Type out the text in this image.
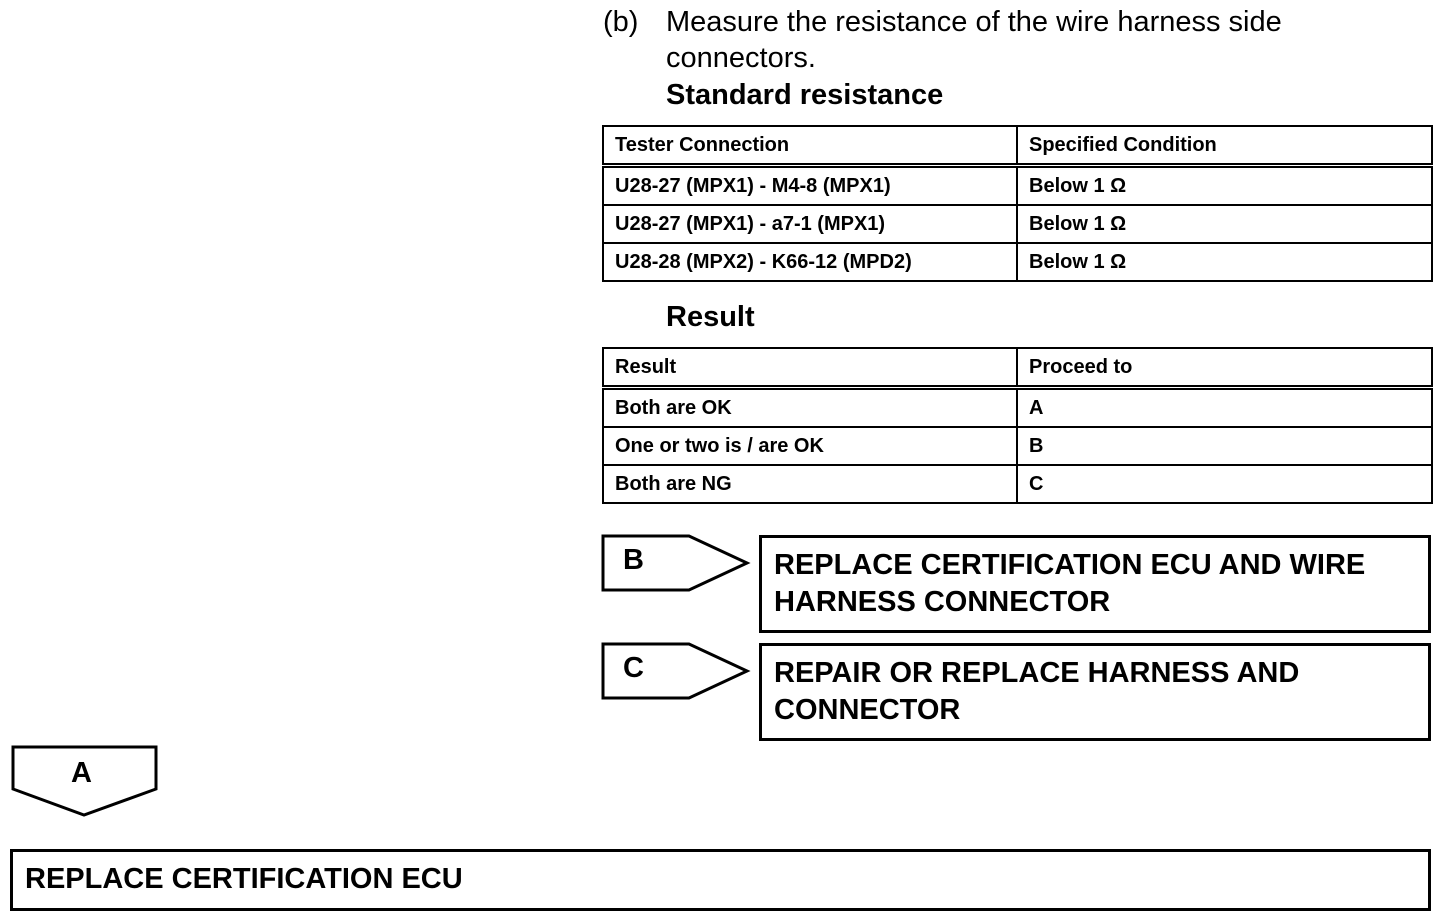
(b) Measure the resistance of the wire harness side connectors.
Standard resistance
Tester Connection	Specified Condition
U28-27 (MPX1) - M4-8 (MPX1)	Below 1 Ω
U28-27 (MPX1) - a7-1 (MPX1)	Below 1 Ω
U28-28 (MPX2) - K66-12 (MPD2)	Below 1 Ω
Result
Result	Proceed to
Both are OK	A
One or two is / are OK	B
Both are NG	C
B	REPLACE CERTIFICATION ECU AND WIRE HARNESS CONNECTOR
C	REPAIR OR REPLACE HARNESS AND CONNECTOR
A
REPLACE CERTIFICATION ECU
